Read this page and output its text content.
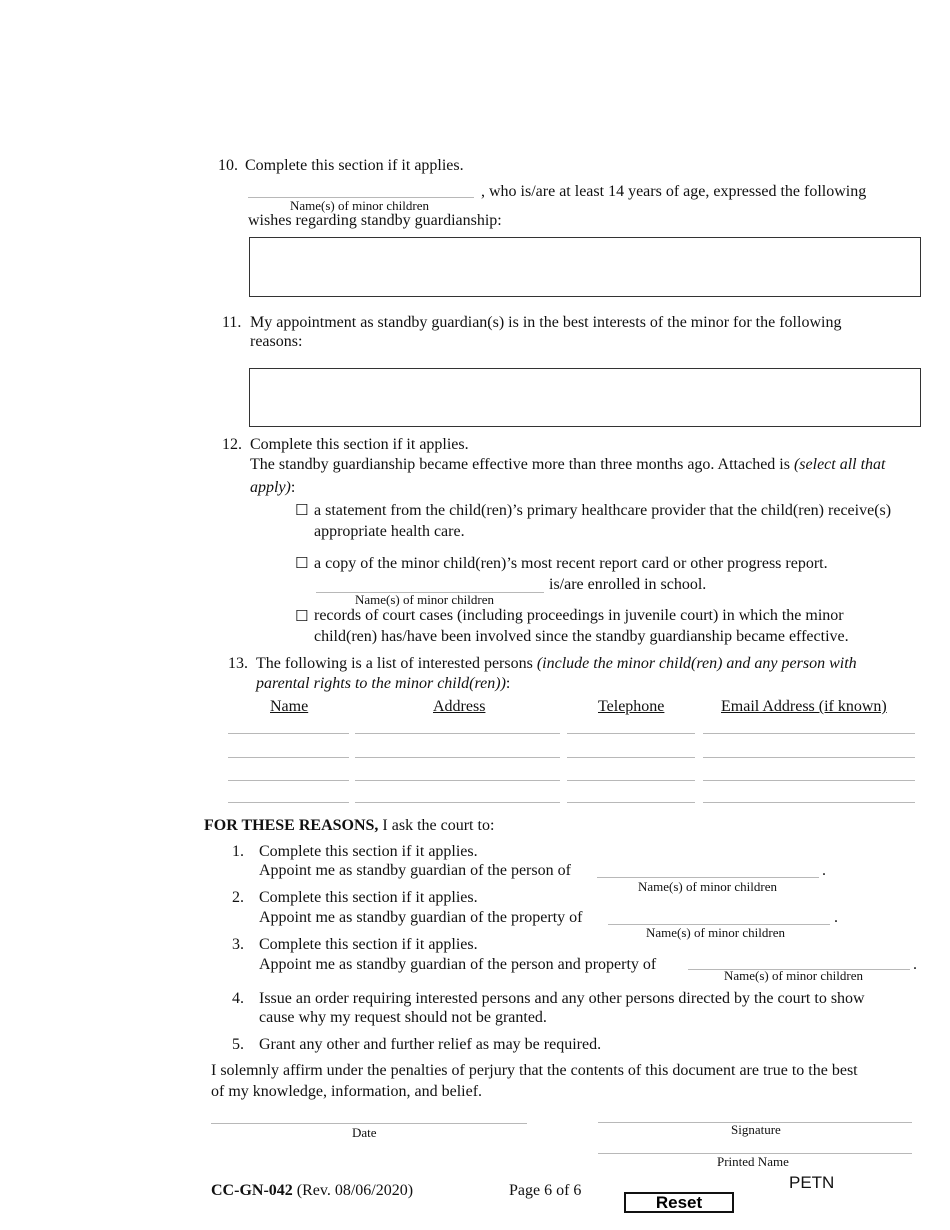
10. Complete this section if it applies.
Name(s) of minor children
, who is/are at least 14 years of age, expressed the following
wishes regarding standby guardianship:
11. My appointment as standby guardian(s) is in the best interests of the minor for the following
reasons:
12. Complete this section if it applies.
The standby guardianship became effective more than three months ago. Attached is (select all that
apply):
☐ a statement from the child(ren)’s primary healthcare provider that the child(ren) receive(s)
appropriate health care.
☐ a copy of the minor child(ren)’s most recent report card or other progress report.
Name(s) of minor children
is/are enrolled in school.
☐ records of court cases (including proceedings in juvenile court) in which the minor
child(ren) has/have been involved since the standby guardianship became effective.
13. The following is a list of interested persons (include the minor child(ren) and any person with
parental rights to the minor child(ren)):
Name	Address	Telephone	Email Address (if known)
FOR THESE REASONS, I ask the court to:
1. Complete this section if it applies.
Appoint me as standby guardian of the person of
Name(s) of minor children
.
2. Complete this section if it applies.
Appoint me as standby guardian of the property of
Name(s) of minor children
.
3. Complete this section if it applies.
Appoint me as standby guardian of the person and property of
Name(s) of minor children
.
4. Issue an order requiring interested persons and any other persons directed by the court to show
cause why my request should not be granted.
5. Grant any other and further relief as may be required.
I solemnly affirm under the penalties of perjury that the contents of this document are true to the best
of my knowledge, information, and belief.
Date	Signature
Printed Name
CC-GN-042 (Rev. 08/06/2020)	Page 6 of 6
Reset
PETN
